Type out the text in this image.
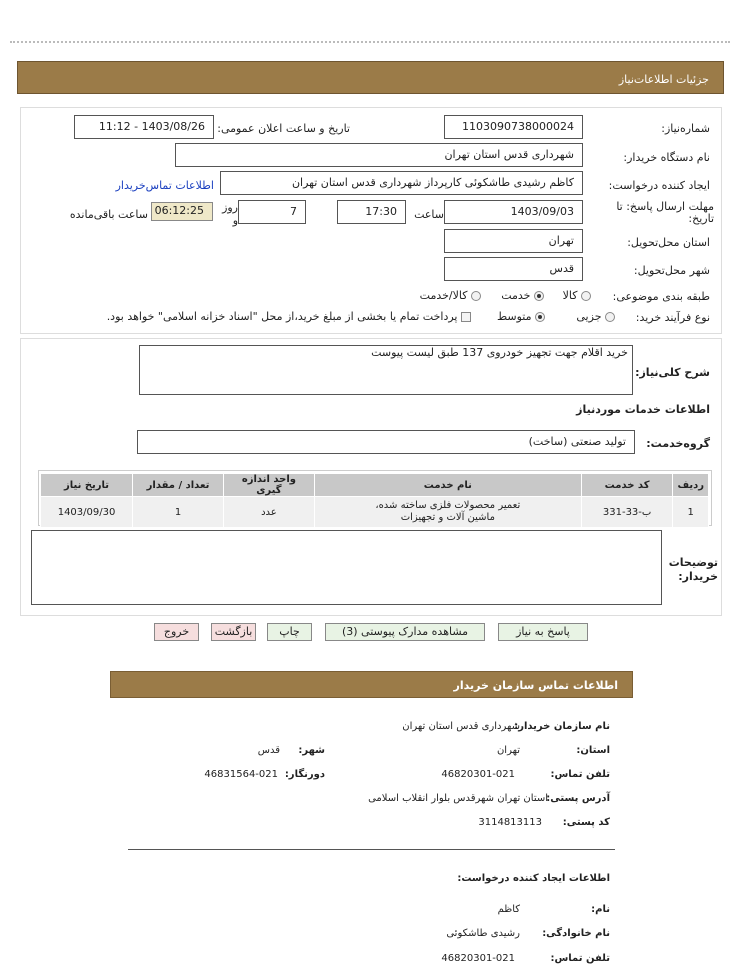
جزئیات اطلاعات‌نیاز
شماره‌نیاز:
1103090738000024
تاریخ و ساعت اعلان عمومی:
1403/08/26 - 11:12
نام دستگاه خریدار:
شهرداری قدس استان تهران
ایجاد کننده درخواست:
کاظم رشیدی طاشکوئی کارپرداز شهرداری قدس استان تهران
اطلاعات تماس‌خریدار
مهلت ارسال پاسخ: تا تاریخ:
1403/09/03
ساعت
17:30
7
روز و
06:12:25
ساعت باقی‌مانده
استان محل‌تحویل:
تهران
شهر محل‌تحویل:
قدس
طبقه بندی موضوعی:
کالا
خدمت
کالا/خدمت
نوع فرآیند خرید:
جزیی
متوسط
پرداخت تمام یا بخشی از مبلغ خرید،از محل "اسناد خزانه اسلامی" خواهد بود.
شرح کلی‌نیاز:
خرید اقلام جهت تجهیز خودروی 137 طبق لیست پیوست
اطلاعات خدمات موردنیاز
گروه‌خدمت:
تولید صنعتی (ساخت)
ردیف	کد خدمت	نام خدمت	واحد اندازه گیری	تعداد / مقدار	تاریخ نیاز
1	ب-33-331	تعمیر محصولات فلزی ساخته شده، ماشین آلات و تجهیزات	عدد	1	1403/09/30
توضیحات خریدار:
پاسخ به نیاز
مشاهده مدارک پیوستی (3)
چاپ
بازگشت
خروج
اطلاعات تماس سازمان خریدار
نام سازمان خریدار:
شهرداری قدس استان تهران
استان:
تهران
شهر:
قدس
تلفن تماس:
46820301-021
دورنگار:
46831564-021
آدرس پستی:
استان تهران شهرقدس بلوار انقلاب اسلامی
کد پستی:
3114813113
اطلاعات ایجاد کننده درخواست:
نام:
کاظم
نام خانوادگی:
رشیدی طاشکوئی
تلفن تماس:
46820301-021
